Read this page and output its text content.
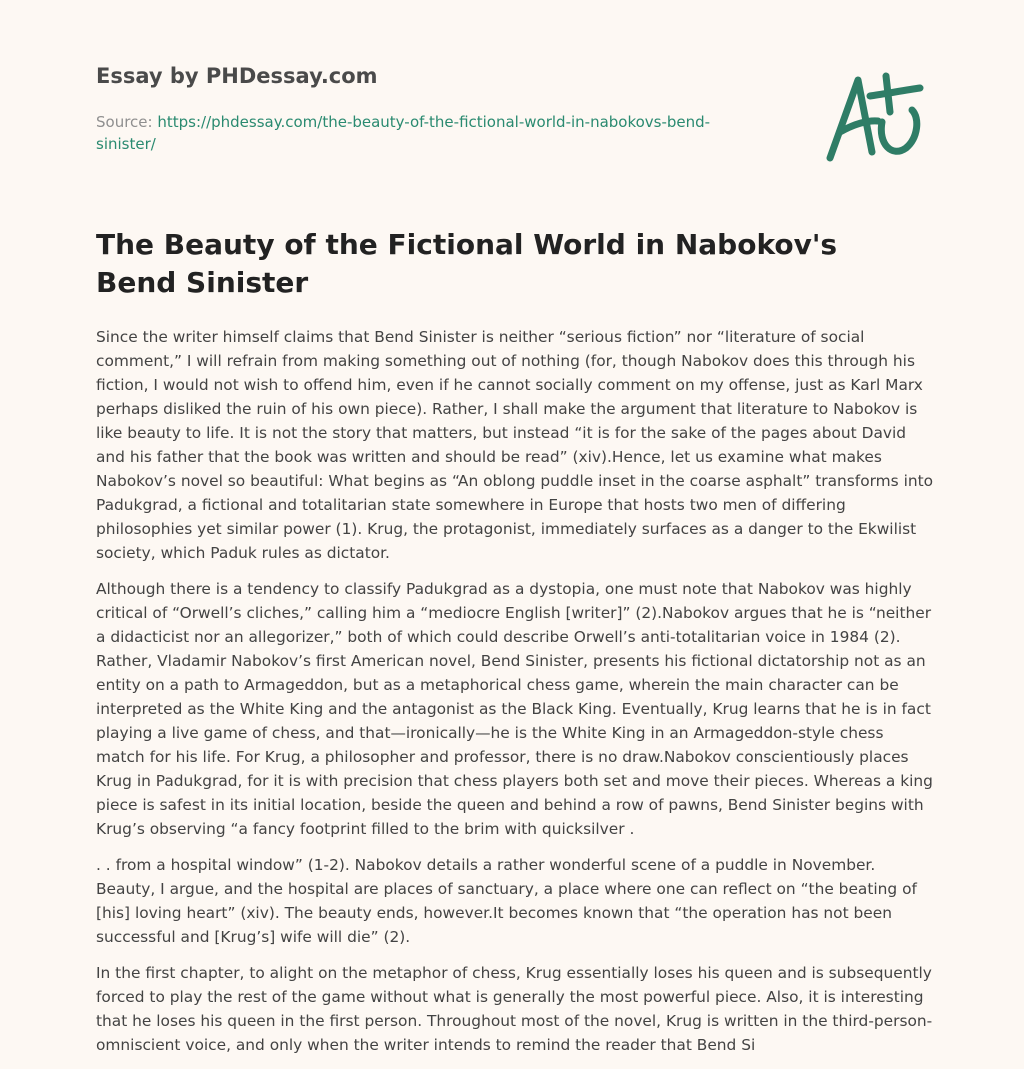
Essay by PHDessay.com
Source: https://phdessay.com/the-beauty-of-the-fictional-world-in-nabokovs-bend-sinister/
The Beauty of the Fictional World in Nabokov's Bend Sinister

Since the writer himself claims that Bend Sinister is neither “serious fiction” nor “literature of social comment,” I will refrain from making something out of nothing (for, though Nabokov does this through his fiction, I would not wish to offend him, even if he cannot socially comment on my offense, just as Karl Marx perhaps disliked the ruin of his own piece). Rather, I shall make the argument that literature to Nabokov is like beauty to life. It is not the story that matters, but instead “it is for the sake of the pages about David and his father that the book was written and should be read” (xiv).Hence, let us examine what makes Nabokov’s novel so beautiful: What begins as “An oblong puddle inset in the coarse asphalt” transforms into Padukgrad, a fictional and totalitarian state somewhere in Europe that hosts two men of differing philosophies yet similar power (1). Krug, the protagonist, immediately surfaces as a danger to the Ekwilist society, which Paduk rules as dictator.

Although there is a tendency to classify Padukgrad as a dystopia, one must note that Nabokov was highly critical of “Orwell’s cliches,” calling him a “mediocre English [writer]” (2).Nabokov argues that he is “neither a didacticist nor an allegorizer,” both of which could describe Orwell’s anti-totalitarian voice in 1984 (2). Rather, Vladamir Nabokov’s first American novel, Bend Sinister, presents his fictional dictatorship not as an entity on a path to Armageddon, but as a metaphorical chess game, wherein the main character can be interpreted as the White King and the antagonist as the Black King. Eventually, Krug learns that he is in fact playing a live game of chess, and that—ironically—he is the White King in an Armageddon-style chess match for his life. For Krug, a philosopher and professor, there is no draw.Nabokov conscientiously places Krug in Padukgrad, for it is with precision that chess players both set and move their pieces. Whereas a king piece is safest in its initial location, beside the queen and behind a row of pawns, Bend Sinister begins with Krug’s observing “a fancy footprint filled to the brim with quicksilver .

. . from a hospital window” (1-2). Nabokov details a rather wonderful scene of a puddle in November. Beauty, I argue, and the hospital are places of sanctuary, a place where one can reflect on “the beating of [his] loving heart” (xiv). The beauty ends, however.It becomes known that “the operation has not been successful and [Krug’s] wife will die” (2).

In the first chapter, to alight on the metaphor of chess, Krug essentially loses his queen and is subsequently forced to play the rest of the game without what is generally the most powerful piece. Also, it is interesting that he loses his queen in the first person. Throughout most of the novel, Krug is written in the third-person-omniscient voice, and only when the writer intends to remind the reader that Bend Si
